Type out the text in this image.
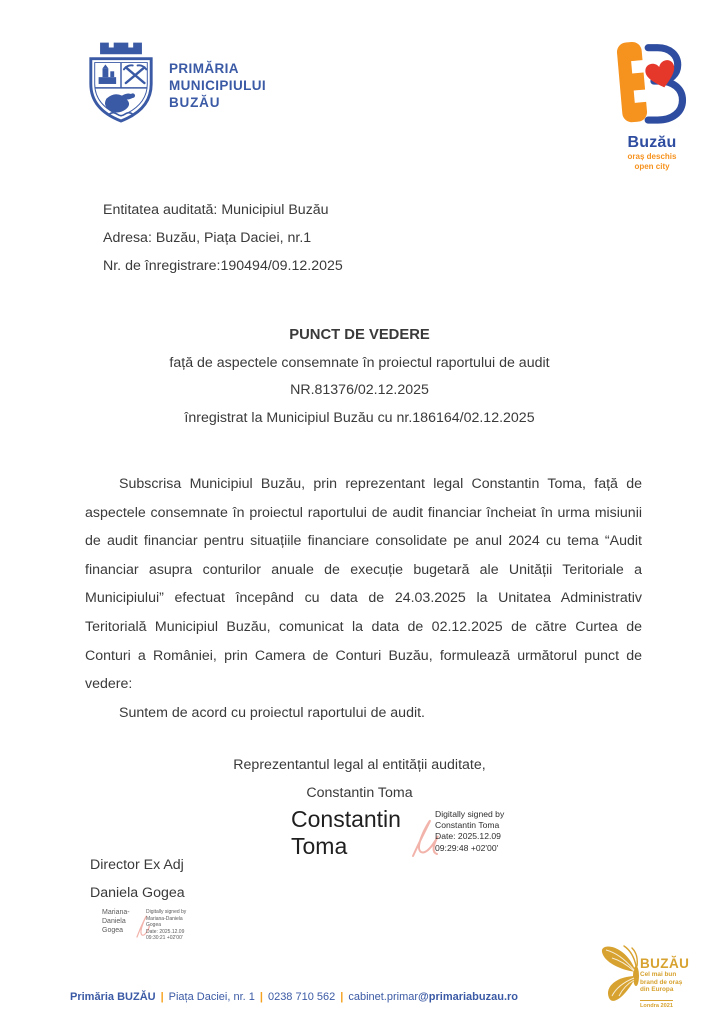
PRIMĂRIA
MUNICIPIULUI
BUZĂU
Buzău
oraș deschis
open city
Entitatea auditată: Municipiul Buzău
Adresa: Buzău, Piața Daciei, nr.1
Nr. de înregistrare:190494/09.12.2025
PUNCT DE VEDERE
față de aspectele consemnate în proiectul raportului de audit
NR.81376/02.12.2025
înregistrat la Municipiul Buzău cu nr.186164/02.12.2025

Subscrisa Municipiul Buzău, prin reprezentant legal Constantin Toma, față de aspectele consemnate în proiectul raportului de audit financiar încheiat în urma misiunii de audit financiar pentru situațiile financiare consolidate pe anul 2024 cu tema “Audit financiar asupra conturilor anuale de execuție bugetară ale Unității Teritoriale a Municipiului” efectuat începând cu data de 24.03.2025 la Unitatea Administrativ Teritorială Municipiul Buzău, comunicat la data de 02.12.2025 de către Curtea de Conturi a României, prin Camera de Conturi Buzău, formulează următorul punct de vedere:

Suntem de acord cu proiectul raportului de audit.

Reprezentantul legal al entității auditate,
Constantin Toma
Constantin
Toma
Digitally signed by
Constantin Toma
Date: 2025.12.09
09:29:48 +02'00'
Director Ex Adj
Daniela Gogea
Mariana-
Daniela
Gogea
Digitally signed by
Mariana-Daniela
Gogea
Date: 2025.12.09
09:30:21 +02'00'
Primăria BUZĂU | Piața Daciei, nr. 1 | 0238 710 562 | cabinet.primar@primariabuzau.ro
BUZĂU
Cel mai bun
brand de oraș
din Europa
Londra 2021
